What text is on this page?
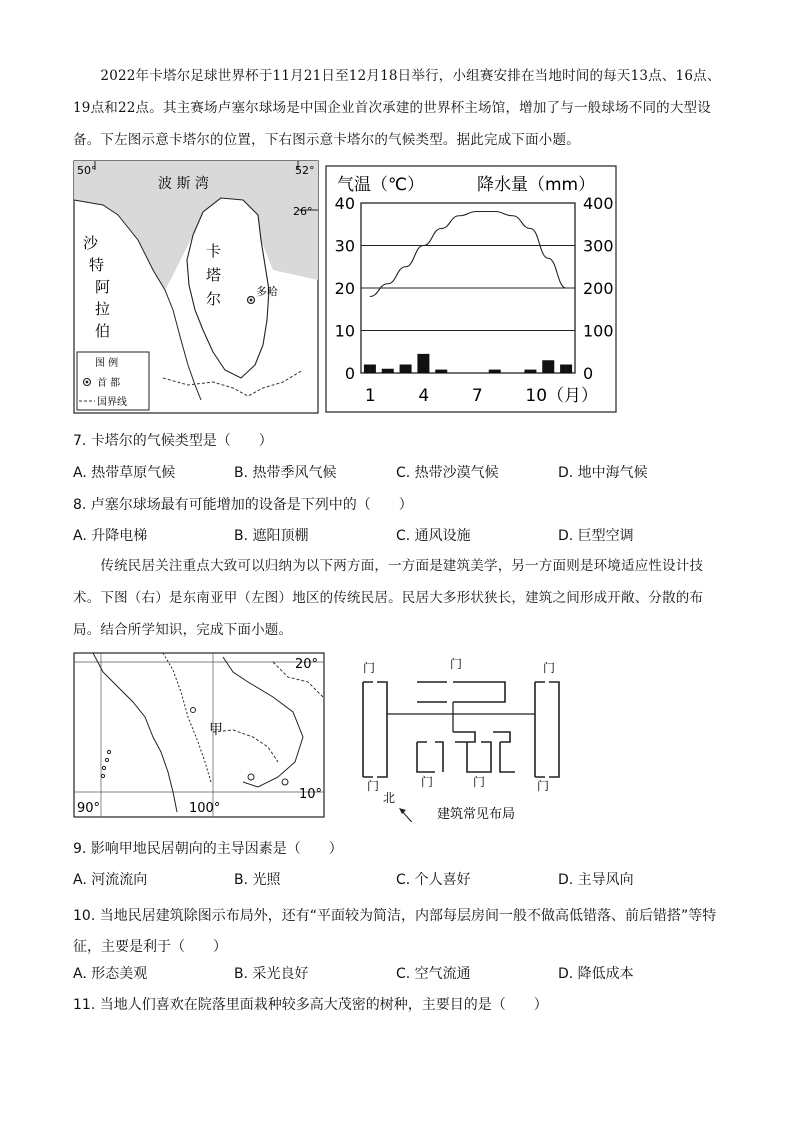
　　2022年卡塔尔足球世界杯于11月21日至12月18日举行，小组赛安排在当地时间的每天13点、16点、19点和22点。其主赛场卢塞尔球场是中国企业首次承建的世界杯主场馆，增加了与一般球场不同的大型设备。下左图示意卡塔尔的位置，下右图示意卡塔尔的气候类型。据此完成下面小题。
50°	52°
26°
波 斯 湾
卡
塔
尔
沙
特
阿
拉
伯
多哈
图 例
首 都
国界线
气温（℃）	降水量（mm）
40
30
20
10
0
400
300
200
100
0
1	4	7	10（月）
7. 卡塔尔的气候类型是（　　）
A. 热带草原气候	B. 热带季风气候	C. 热带沙漠气候	D. 地中海气候
8. 卢塞尔球场最有可能增加的设备是下列中的（　　）
A. 升降电梯	B. 遮阳顶棚	C. 通风设施	D. 巨型空调
　　传统民居关注重点大致可以归纳为以下两方面，一方面是建筑美学，另一方面则是环境适应性设计技术。下图（右）是东南亚甲（左图）地区的传统民居。民居大多形状狭长，建筑之间形成开敞、分散的布局。结合所学知识，完成下面小题。
20°
10°
90°	100°
甲
门	门	门
门	门	门	门
北
建筑常见布局
9. 影响甲地民居朝向的主导因素是（　　）
A. 河流流向	B. 光照	C. 个人喜好	D. 主导风向
10. 当地民居建筑除图示布局外，还有“平面较为简洁，内部每层房间一般不做高低错落、前后错搭”等特征，主要是利于（　　）
A. 形态美观	B. 采光良好	C. 空气流通	D. 降低成本
11. 当地人们喜欢在院落里面栽种较多高大茂密的树种，主要目的是（　　）
